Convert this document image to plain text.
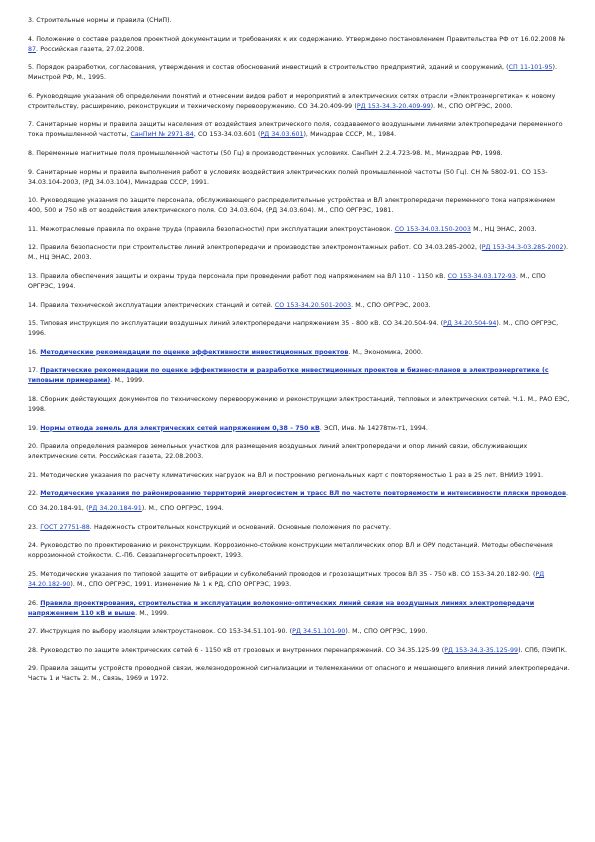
3. Строительные нормы и правила (СНиП).

4. Положение о составе разделов проектной документации и требованиях к их содержанию. Утверждено постановлением Правительства РФ от 16.02.2008 № 87. Российская газета, 27.02.2008.

5. Порядок разработки, согласования, утверждения и состав обоснований инвестиций в строительство предприятий, зданий и сооружений, (СП 11-101-95). Минстрой РФ, М., 1995.

6. Руководящие указания об определении понятий и отнесении видов работ и мероприятий в электрических сетях отрасли «Электроэнергетика» к новому строительству, расширению, реконструкции и техническому перевооружению. СО 34.20.409-99 (РД 153-34.3-20.409-99). М., СПО ОРГРЭС, 2000.

7. Санитарные нормы и правила защиты населения от воздействия электрического поля, создаваемого воздушными линиями электропередачи переменного тока промышленной частоты, СанПиН № 2971-84, СО 153-34.03.601 (РД 34.03.601), Минздрав СССР, М., 1984.

8. Переменные магнитные поля промышленной частоты (50 Гц) в производственных условиях. СанПиН 2.2.4.723-98. М., Минздрав РФ, 1998.

9. Санитарные нормы и правила выполнения работ в условиях воздействия электрических полей промышленной частоты (50 Гц). СН № 5802-91. СО 153-34.03.104-2003, (РД 34.03.104), Минздрав СССР, 1991.

10. Руководящие указания по защите персонала, обслуживающего распределительные устройства и ВЛ электропередачи переменного тока напряжением 400, 500 и 750 кВ от воздействия электрического поля. СО 34.03.604, (РД 34.03.604). М., СПО ОРГРЭС, 1981.

11. Межотраслевые правила по охране труда (правила безопасности) при эксплуатации электроустановок. СО 153-34.03.150-2003 М., НЦ ЭНАС, 2003.

12. Правила безопасности при строительстве линий электропередачи и производстве электромонтажных работ. СО 34.03.285-2002, (РД 153-34.3-03.285-2002). М., НЦ ЭНАС, 2003.

13. Правила обеспечения защиты и охраны труда персонала при проведении работ под напряжением на ВЛ 110 - 1150 кВ. СО 153-34.03.172-93. М., СПО ОРГРЭС, 1994.

14. Правила технической эксплуатации электрических станций и сетей. СО 153-34.20.501-2003. М., СПО ОРГРЭС, 2003.

15. Типовая инструкция по эксплуатации воздушных линий электропередачи напряжением 35 - 800 кВ. СО 34.20.504-94. (РД 34.20.504-94). М., СПО ОРГРЭС, 1996.

16. Методические рекомендации по оценке эффективности инвестиционных проектов. М., Экономика, 2000.

17. Практические рекомендации по оценке эффективности и разработке инвестиционных проектов и бизнес-планов в электроэнергетике (с типовыми примерами). М., 1999.

18. Сборник действующих документов по техническому перевооружению и реконструкции электростанций, тепловых и электрических сетей. Ч.1. М., РАО ЕЭС, 1998.

19. Нормы отвода земель для электрических сетей напряжением 0,38 - 750 кВ. ЭСП, Инв. № 14278тм-т1, 1994.

20. Правила определения размеров земельных участков для размещения воздушных линий электропередачи и опор линий связи, обслуживающих электрические сети. Российская газета, 22.08.2003.

21. Методические указания по расчету климатических нагрузок на ВЛ и построению региональных карт с повторяемостью 1 раз в 25 лет. ВНИИЭ 1991.

22. Методические указания по районированию территорий энергосистем и трасс ВЛ по частоте повторяемости и интенсивности пляски проводов.

СО 34.20.184-91, (РД 34.20.184-91). М., СПО ОРГРЭС, 1994.

23. ГОСТ 27751-88. Надежность строительных конструкций и оснований. Основные положения по расчету.

24. Руководство по проектированию и реконструкции. Коррозионно-стойкие конструкции металлических опор ВЛ и ОРУ подстанций. Методы обеспечения коррозионной стойкости. С.-Пб. Севзапэнергосетьпроект, 1993.

25. Методические указания по типовой защите от вибрации и субколебаний проводов и грозозащитных тросов ВЛ 35 - 750 кВ. СО 153-34.20.182-90. (РД 34.20.182-90). М., СПО ОРГРЭС, 1991. Изменение № 1 к РД, СПО ОРГРЭС, 1993.

26. Правила проектирования, строительства и эксплуатации волоконно-оптических линий связи на воздушных линиях электропередачи напряжением 110 кВ и выше. М., 1999.

27. Инструкция по выбору изоляции электроустановок. СО 153-34.51.101-90. (РД 34.51.101-90). М., СПО ОРГРЭС, 1990.

28. Руководство по защите электрических сетей 6 - 1150 кВ от грозовых и внутренних перенапряжений. СО 34.35.125-99 (РД 153-34.3-35.125-99). СПб, ПЭИПК.

29. Правила защиты устройств проводной связи, железнодорожной сигнализации и телемеханики от опасного и мешающего влияния линий электропередачи. Часть 1 и Часть 2. М., Связь, 1969 и 1972.
